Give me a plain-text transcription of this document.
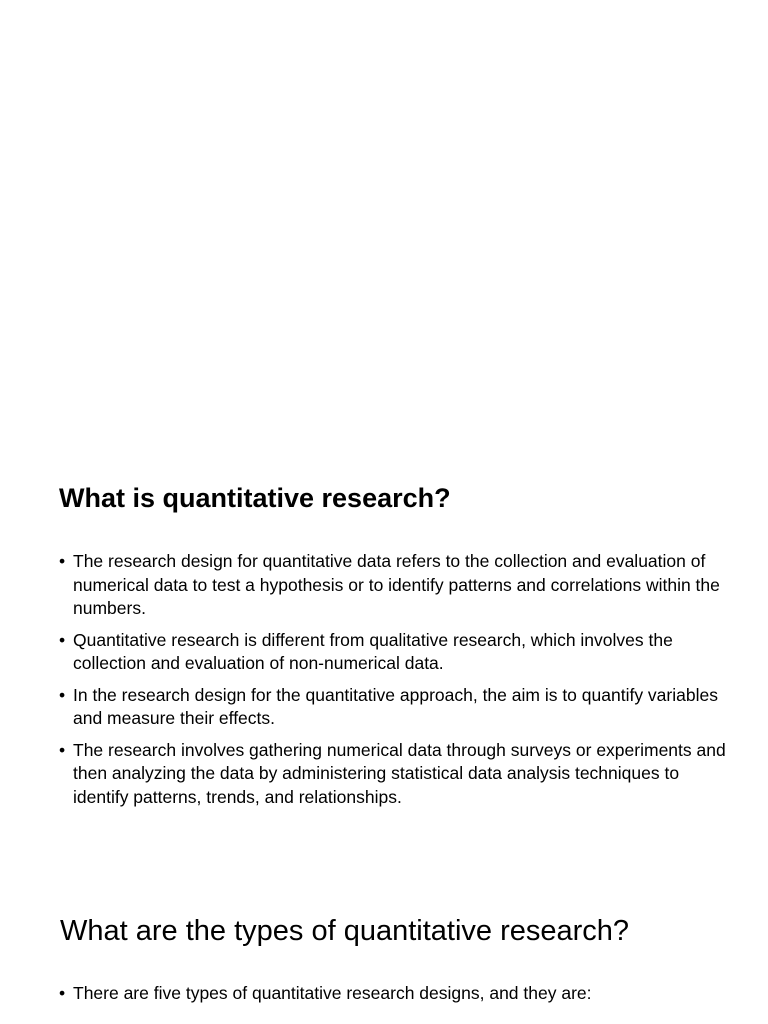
What is quantitative research?
• The research design for quantitative data refers to the collection and evaluation of numerical data to test a hypothesis or to identify patterns and correlations within the numbers.
• Quantitative research is different from qualitative research, which involves the collection and evaluation of non-numerical data.
• In the research design for the quantitative approach, the aim is to quantify variables and measure their effects.
• The research involves gathering numerical data through surveys or experiments and then analyzing the data by administering statistical data analysis techniques to identify patterns, trends, and relationships.
What are the types of quantitative research?
• There are five types of quantitative research designs, and they are:
